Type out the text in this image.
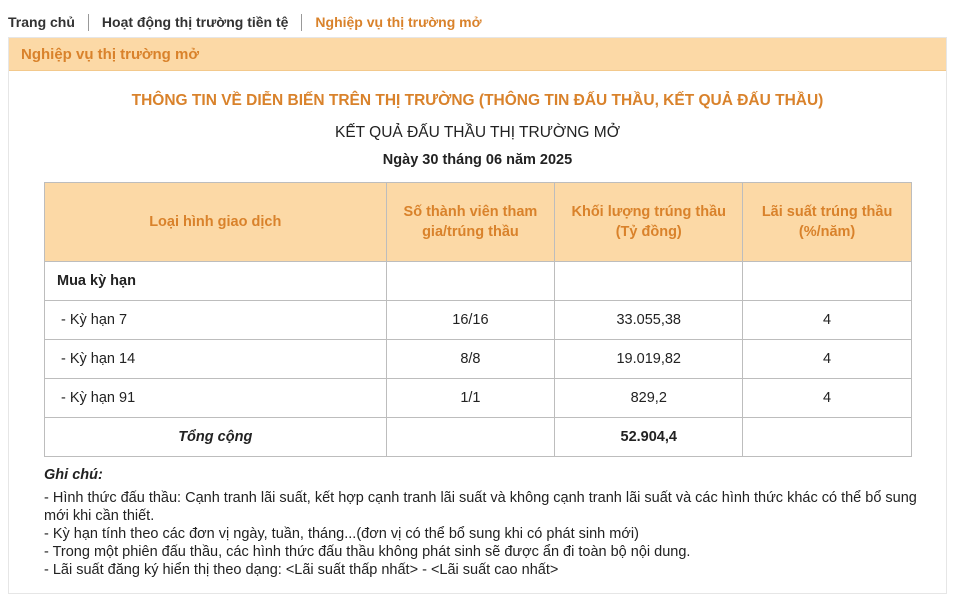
Trang chủ Hoạt động thị trường tiền tệ Nghiệp vụ thị trường mở
Nghiệp vụ thị trường mở
THÔNG TIN VỀ DIỄN BIẾN TRÊN THỊ TRƯỜNG (THÔNG TIN ĐẤU THẦU, KẾT QUẢ ĐẤU THẦU)
KẾT QUẢ ĐẤU THẦU THỊ TRƯỜNG MỞ
Ngày 30 tháng 06 năm 2025
Loại hình giao dịch	Số thành viên tham gia/trúng thầu	Khối lượng trúng thầu (Tỷ đồng)	Lãi suất trúng thầu (%/năm)
Mua kỳ hạn			
- Kỳ hạn 7	16/16	33.055,38	4
- Kỳ hạn 14	8/8	19.019,82	4
- Kỳ hạn 91	1/1	829,2	4
Tổng cộng		52.904,4	
Ghi chú:
- Hình thức đấu thầu: Cạnh tranh lãi suất, kết hợp cạnh tranh lãi suất và không cạnh tranh lãi suất và các hình thức khác có thể bổ sung mới khi cần thiết.
- Kỳ hạn tính theo các đơn vị ngày, tuần, tháng...(đơn vị có thể bổ sung khi có phát sinh mới)
- Trong một phiên đấu thầu, các hình thức đấu thầu không phát sinh sẽ được ẩn đi toàn bộ nội dung.
- Lãi suất đăng ký hiển thị theo dạng: <Lãi suất thấp nhất> - <Lãi suất cao nhất>
